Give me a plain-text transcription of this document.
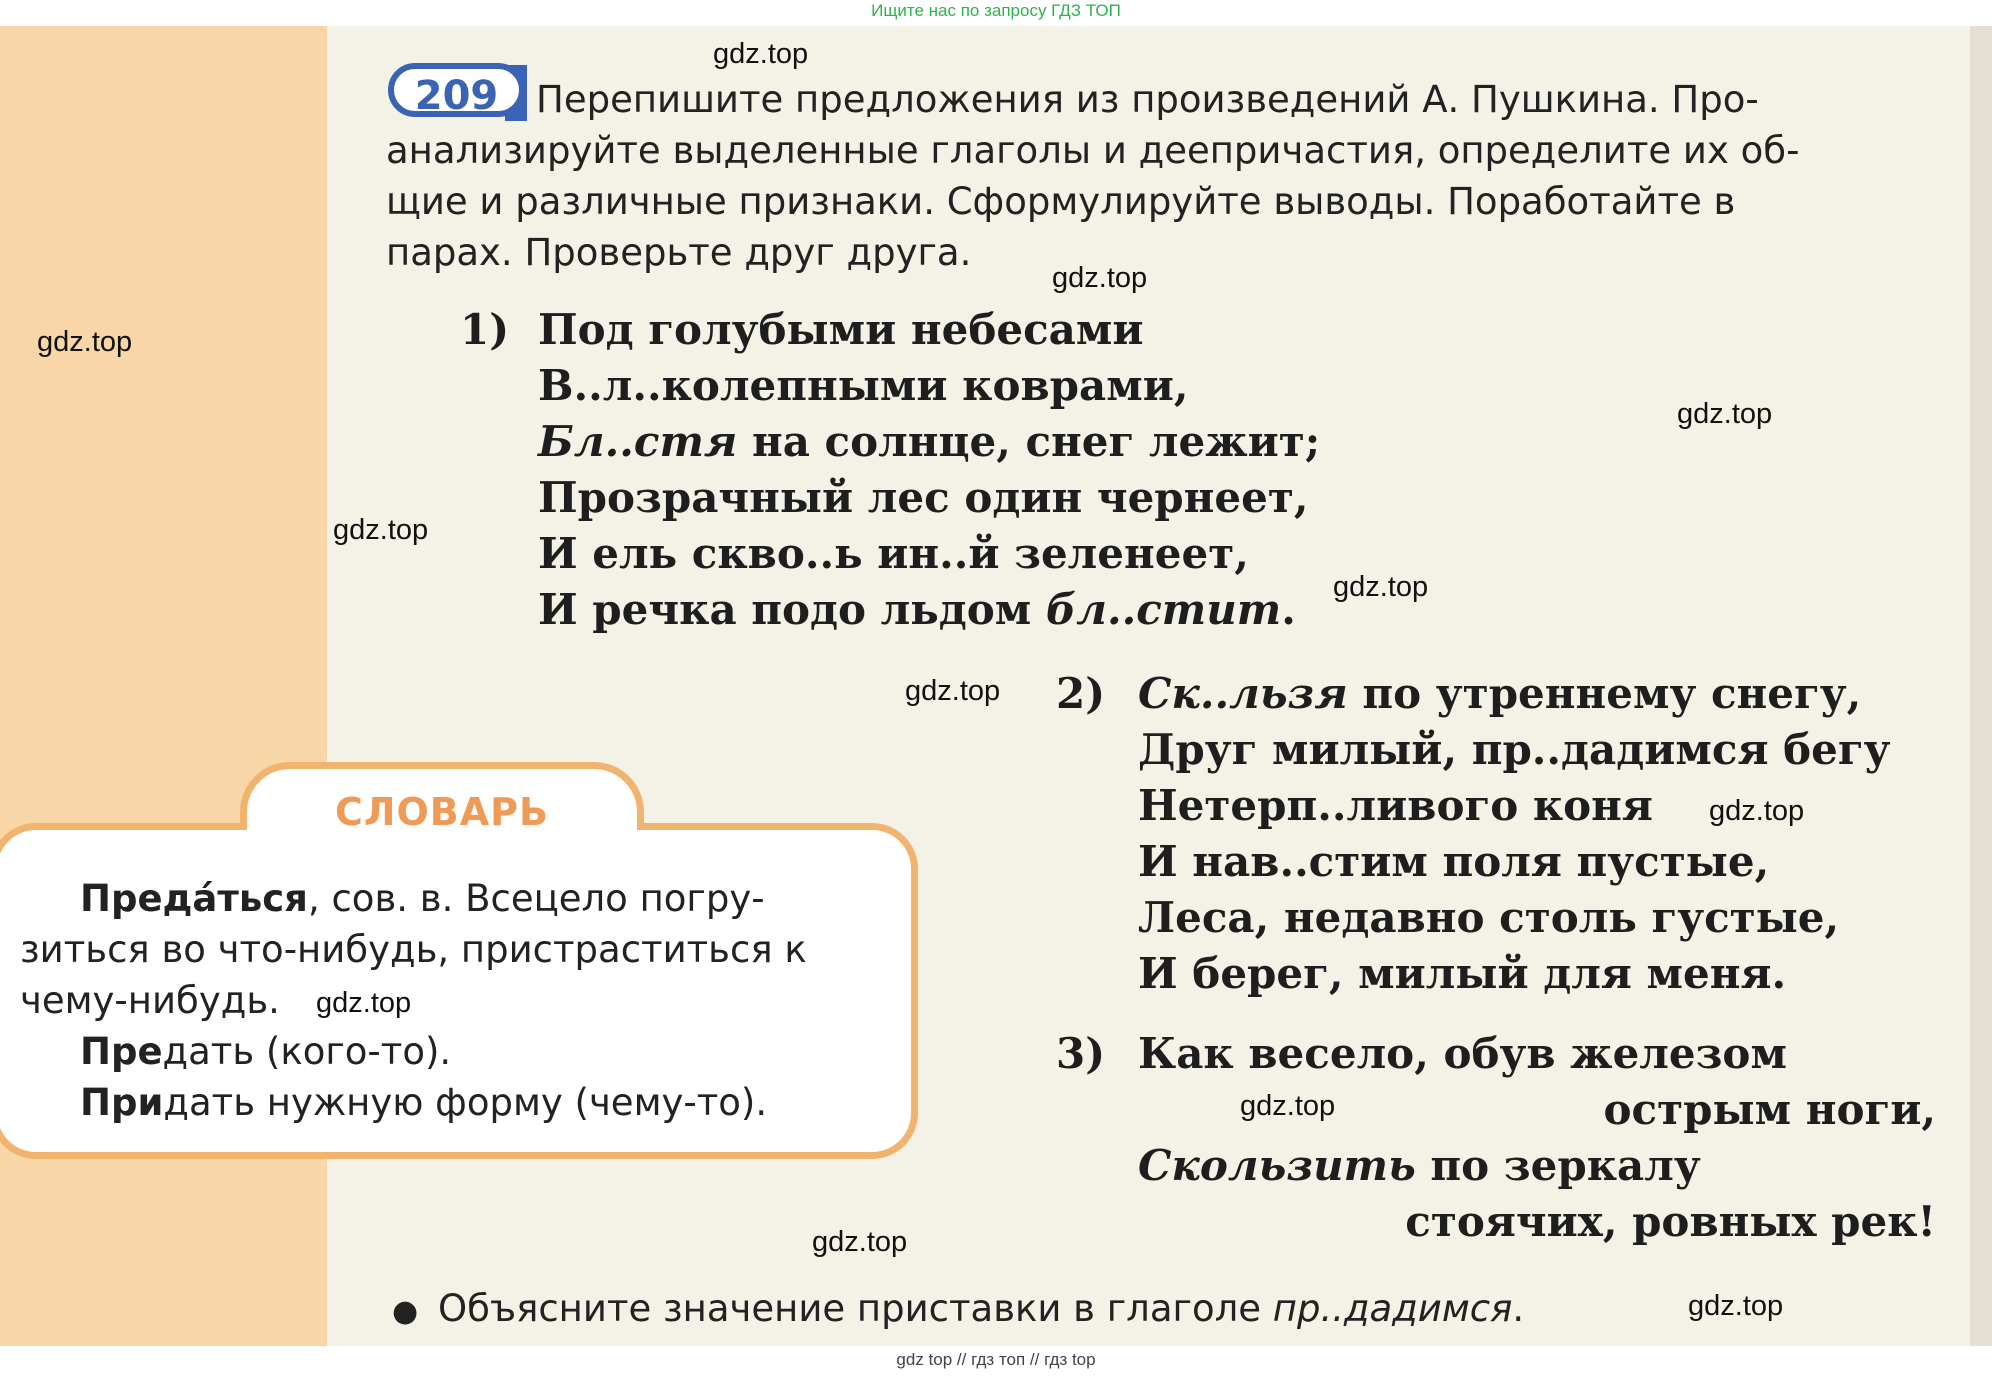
Ищите нас по запросу ГДЗ ТОП
209	Перепишите предложения из произведений А. Пушкина. Про-
анализируйте выделенные глаголы и деепричастия, определите их об-
щие и различные признаки. Сформулируйте выводы. Поработайте в
парах. Проверьте друг друга.
1) Под голубыми небесами
В..л..колепными коврами,
Бл..стя на солнце, снег лежит;
Прозрачный лес один чернеет,
И ель скво..ь ин..й зеленеет,
И речка подо льдом бл..стит.
2) Ск..льзя по утреннему снегу,
Друг милый, пр..дадимся бегу
Нетерп..ливого коня
И нав..стим поля пустые,
Леса, недавно столь густые,
И берег, милый для меня.
3) Как весело, обув железом
острым ноги,
Скользить по зеркалу
стоячих, ровных рек!
СЛОВАРЬ

Преда́ться, сов. в. Всецело погру-

зиться во что-нибудь, пристраститься к

чему-нибудь.

Предать (кого-то).

Придать нужную форму (чему-то).

● Объясните значение приставки в глаголе пр..дадимся.
gdz.top
gdz.top
gdz.top
gdz.top
gdz.top
gdz.top
gdz.top
gdz.top
gdz.top
gdz.top
gdz.top
gdz.top
gdz top // гдз топ // гдз top
